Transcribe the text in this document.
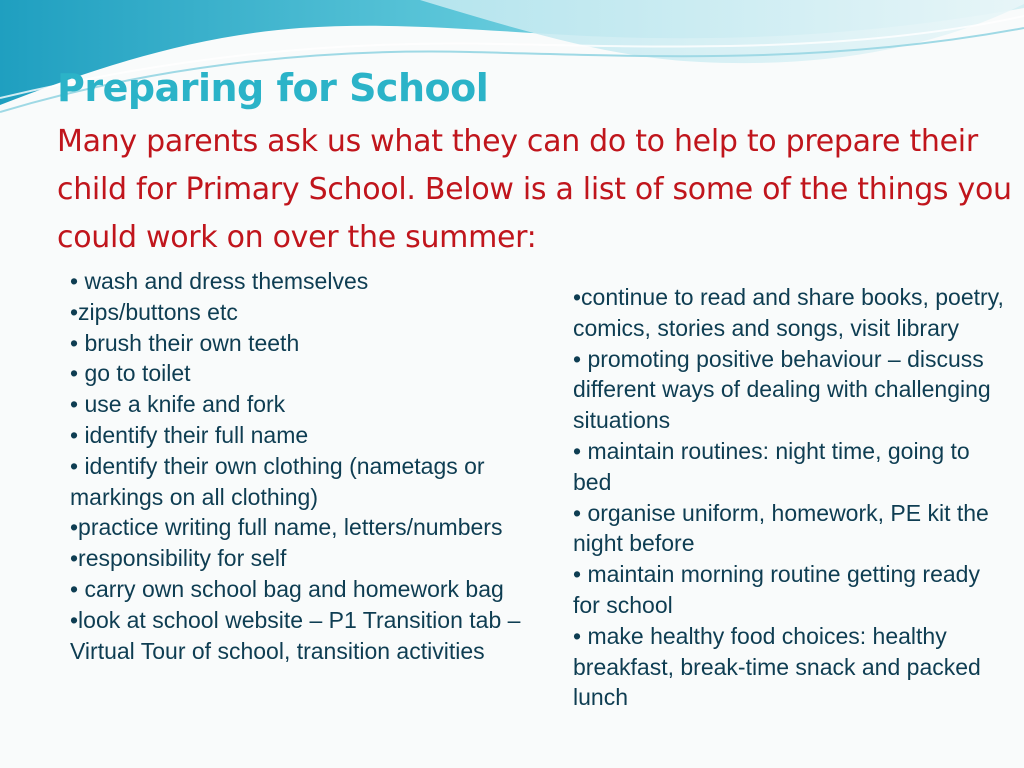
Preparing for School

Many parents ask us what they can do to help to prepare their child for Primary School. Below is a list of some of the things you could work on over the summer:

• wash and dress themselves
•zips/buttons etc
• brush their own teeth
• go to toilet
• use a knife and fork
• identify their full name
• identify their own clothing (nametags or markings on all clothing)
•practice writing full name, letters/numbers
•responsibility for self
• carry own school bag and homework bag
•look at school website – P1 Transition tab – Virtual Tour of school, transition activities
•continue to read and share books, poetry, comics, stories and songs, visit library
• promoting positive behaviour – discuss different ways of dealing with challenging situations
• maintain routines: night time, going to bed
• organise uniform, homework, PE kit the night before
• maintain morning routine getting ready for school
• make healthy food choices: healthy breakfast, break-time snack and packed lunch
